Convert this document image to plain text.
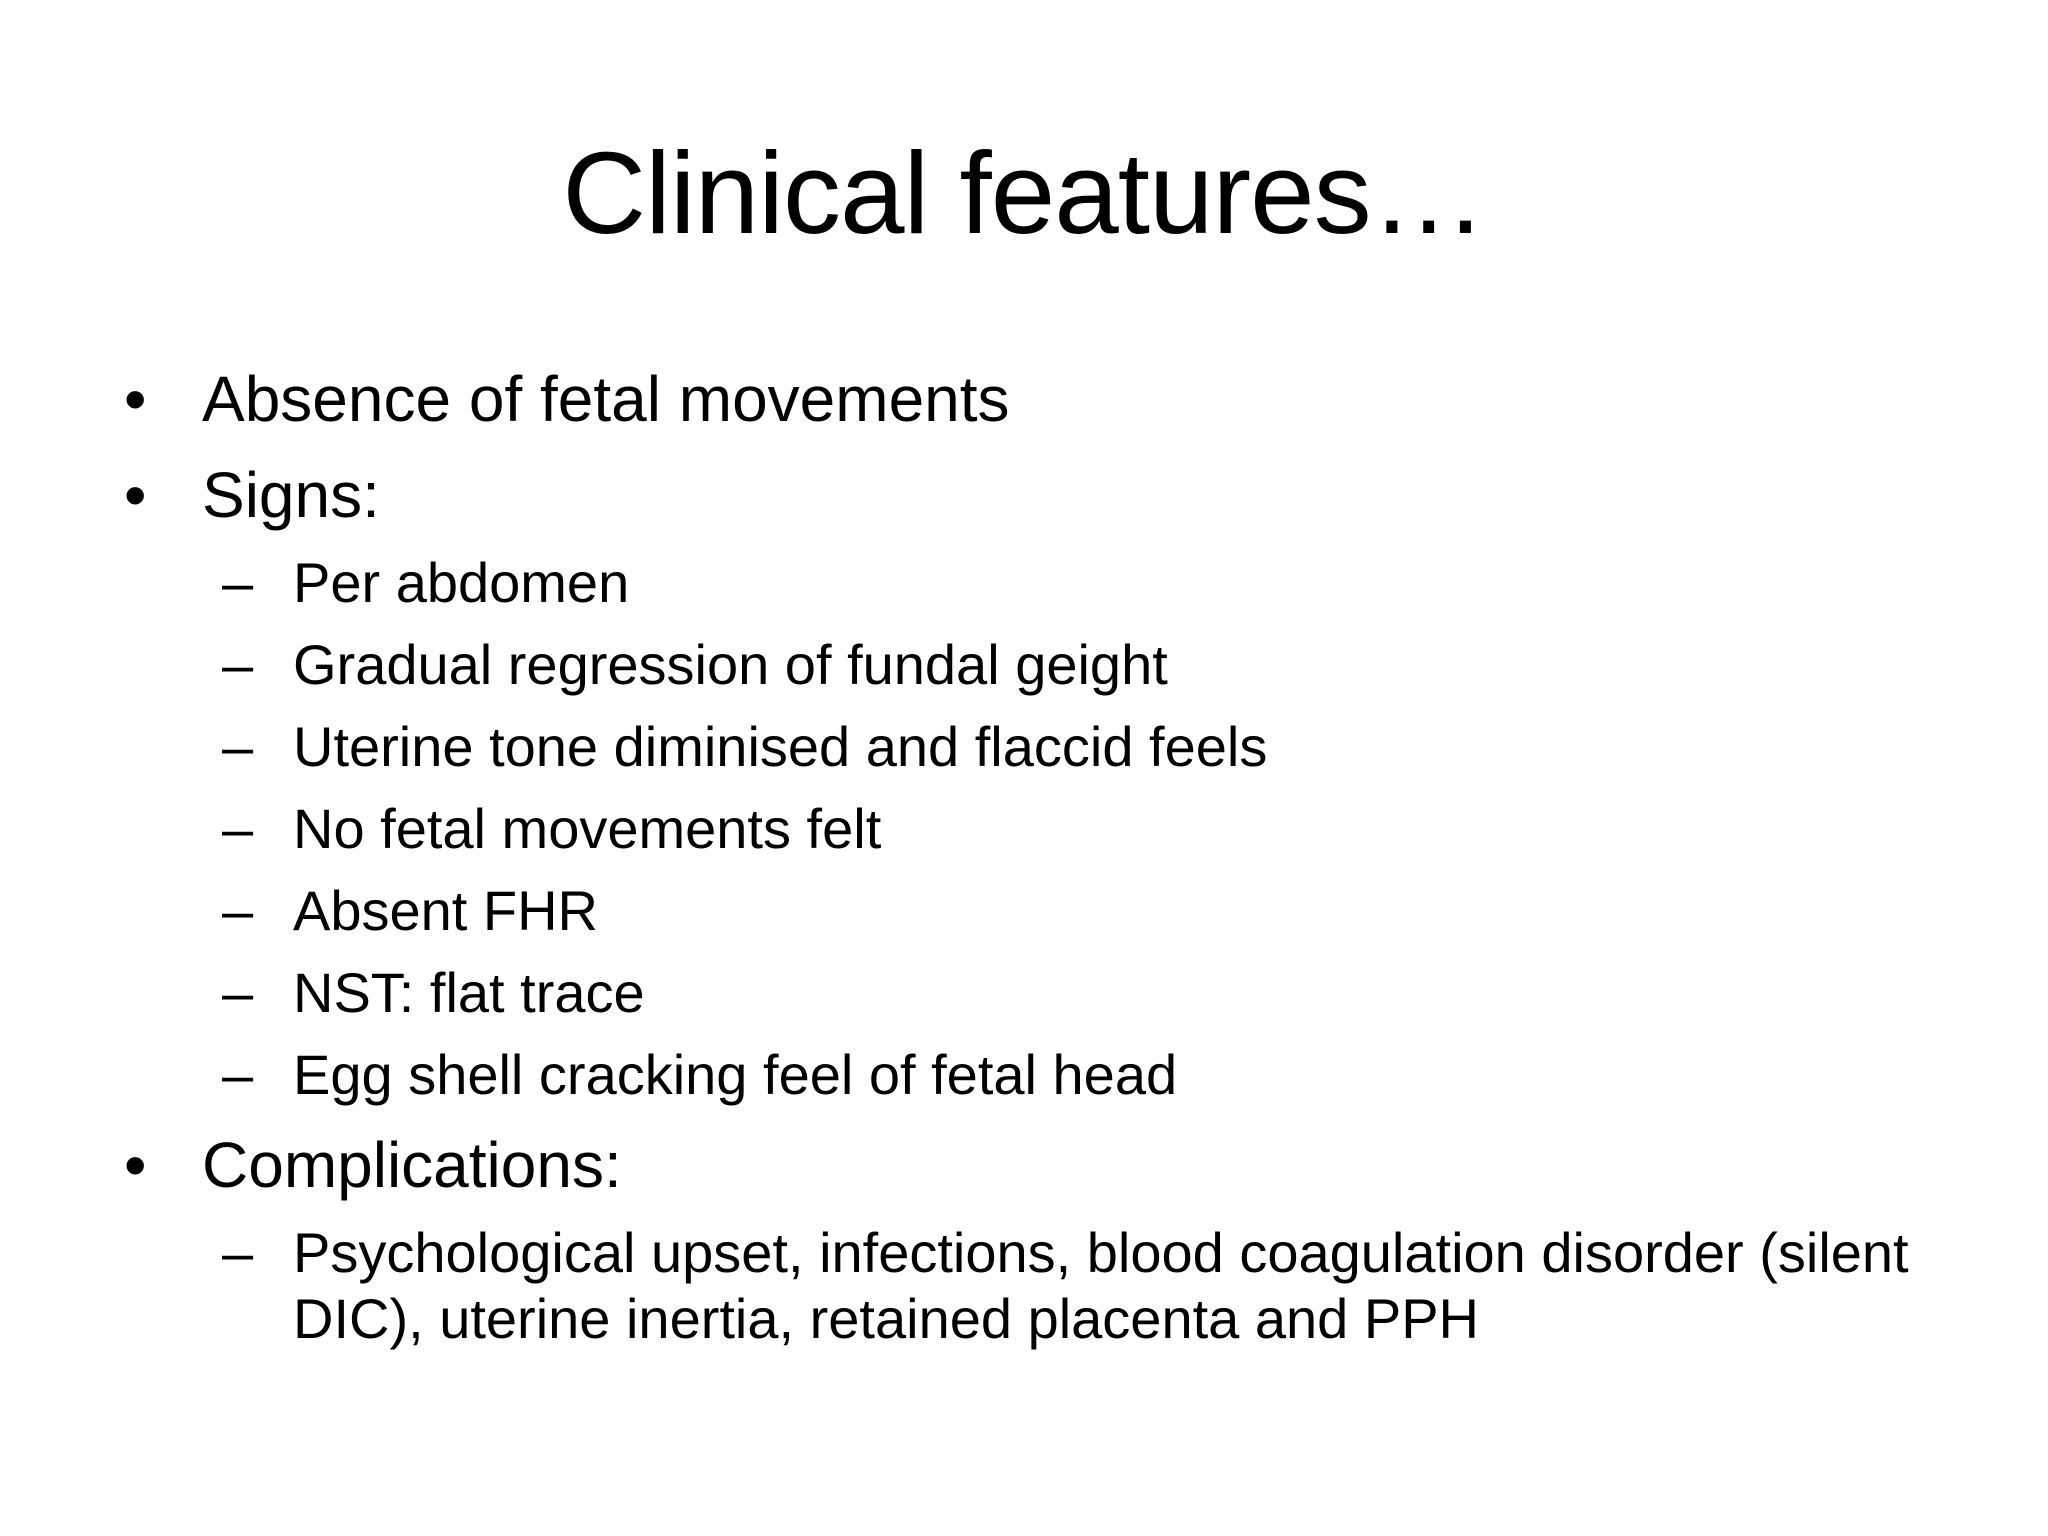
Clinical features…
• Absence of fetal movements
• Signs:
– Per abdomen
– Gradual regression of fundal geight
– Uterine tone diminised and flaccid feels
– No fetal movements felt
– Absent FHR
– NST: flat trace
– Egg shell cracking feel of fetal head
• Complications:
– Psychological upset, infections, blood coagulation disorder (silent DIC), uterine inertia, retained placenta and PPH
